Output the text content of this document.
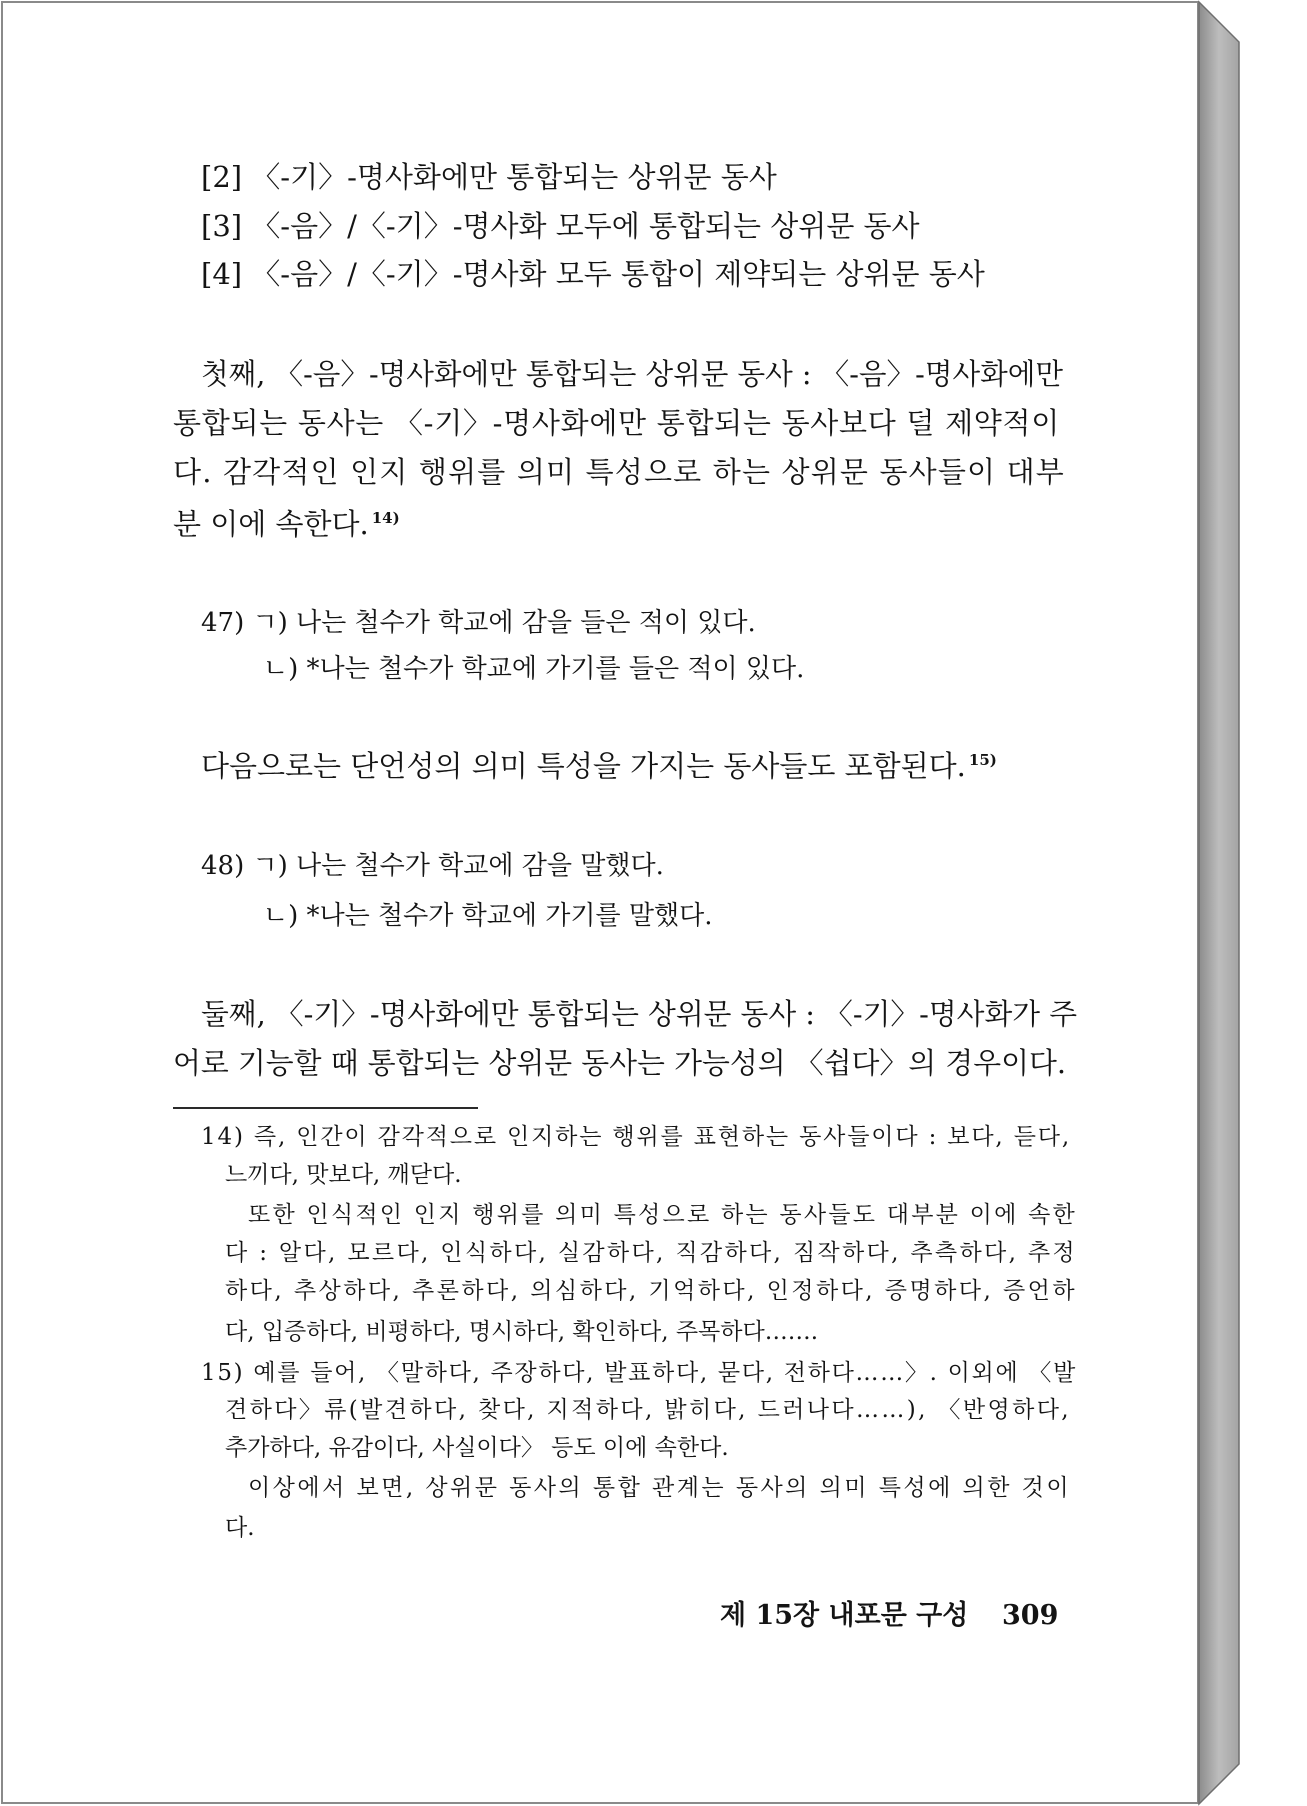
[2] 〈-기〉-명사화에만 통합되는 상위문 동사
[3] 〈-음〉/〈-기〉-명사화 모두에 통합되는 상위문 동사
[4] 〈-음〉/〈-기〉-명사화 모두 통합이 제약되는 상위문 동사
첫째, 〈-음〉-명사화에만 통합되는 상위문 동사 : 〈-음〉-명사화에만
통합되는 동사는 〈-기〉-명사화에만 통합되는 동사보다 덜 제약적이
다. 감각적인 인지 행위를 의미 특성으로 하는 상위문 동사들이 대부
분 이에 속한다. $^{14)}$
47) ㄱ) 나는 철수가 학교에 감을 들은 적이 있다.
ㄴ) *나는 철수가 학교에 가기를 들은 적이 있다.
다음으로는 단언성의 의미 특성을 가지는 동사들도 포함된다. $^{15)}$
48) ㄱ) 나는 철수가 학교에 감을 말했다.
ㄴ) *나는 철수가 학교에 가기를 말했다.
둘째, 〈-기〉-명사화에만 통합되는 상위문 동사 : 〈-기〉-명사화가 주
어로 기능할 때 통합되는 상위문 동사는 가능성의 〈쉽다〉의 경우이다.
14) 즉, 인간이 감각적으로 인지하는 행위를 표현하는 동사들이다 : 보다, 듣다,
느끼다, 맛보다, 깨닫다.
또한 인식적인 인지 행위를 의미 특성으로 하는 동사들도 대부분 이에 속한
다 : 알다, 모르다, 인식하다, 실감하다, 직감하다, 짐작하다, 추측하다, 추정
하다, 추상하다, 추론하다, 의심하다, 기억하다, 인정하다, 증명하다, 증언하
다, 입증하다, 비평하다, 명시하다, 확인하다, 주목하다…….
15) 예를 들어, 〈말하다, 주장하다, 발표하다, 묻다, 전하다……〉. 이외에 〈발
견하다〉류(발견하다, 찾다, 지적하다, 밝히다, 드러나다……), 〈반영하다,
추가하다, 유감이다, 사실이다〉 등도 이에 속한다.
이상에서 보면, 상위문 동사의 통합 관계는 동사의 의미 특성에 의한 것이
다.
제 15장 내포문 구성	309
